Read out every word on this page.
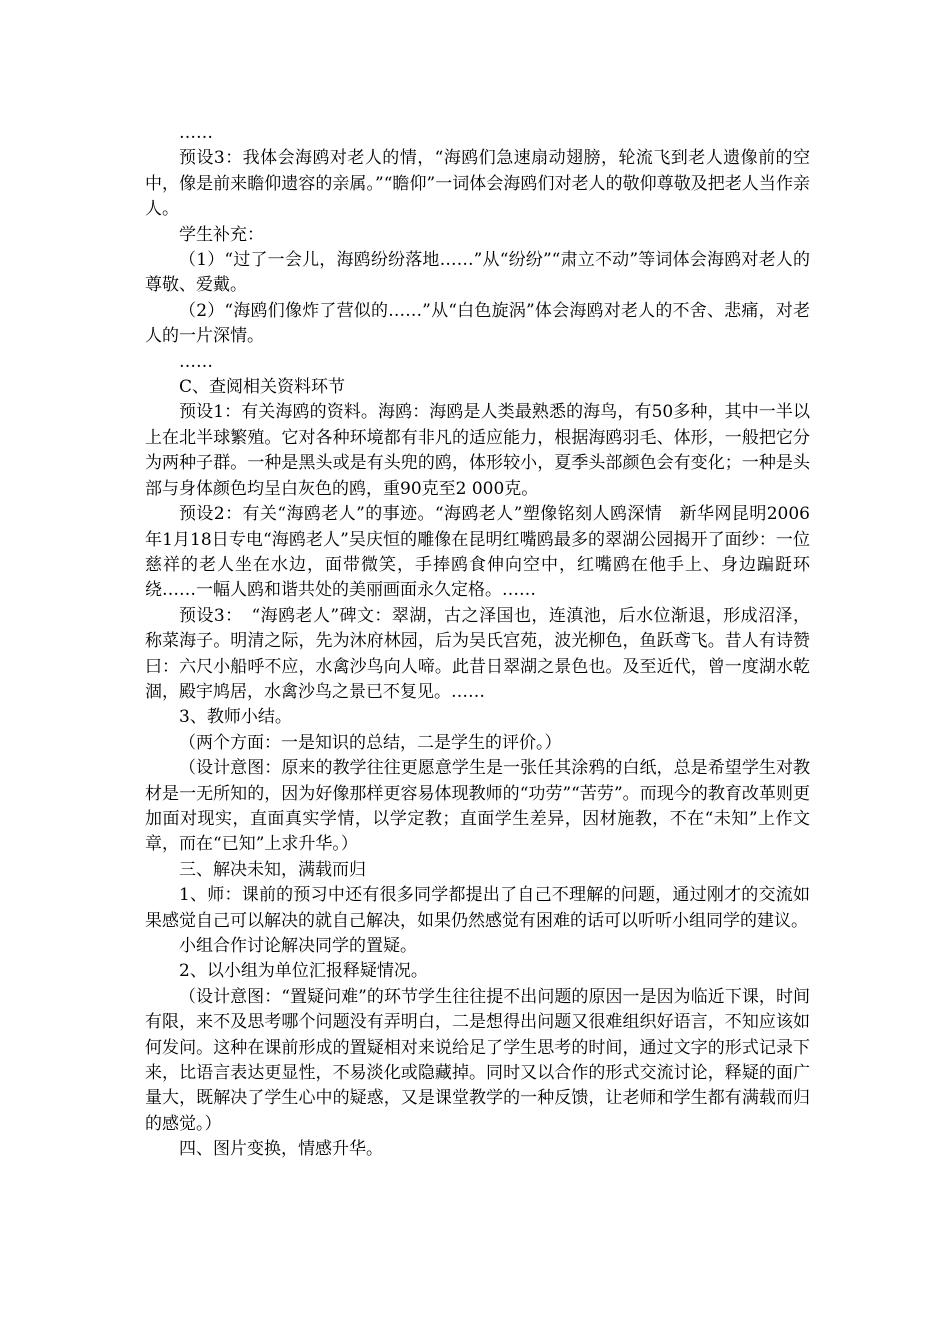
……

预设3：我体会海鸥对老人的情，“海鸥们急速扇动翅膀，轮流飞到老人遗像前的空中，像是前来瞻仰遗容的亲属。”“瞻仰”一词体会海鸥们对老人的敬仰尊敬及把老人当作亲人。

学生补充：

（1）“过了一会儿，海鸥纷纷落地……”从“纷纷”“肃立不动”等词体会海鸥对老人的尊敬、爱戴。

（2）“海鸥们像炸了营似的……”从“白色旋涡”体会海鸥对老人的不舍、悲痛，对老人的一片深情。

……

C、查阅相关资料环节

预设1：有关海鸥的资料。海鸥：海鸥是人类最熟悉的海鸟，有50多种，其中一半以上在北半球繁殖。它对各种环境都有非凡的适应能力，根据海鸥羽毛、体形，一般把它分为两种子群。一种是黑头或是有头兜的鸥，体形较小，夏季头部颜色会有变化；一种是头部与身体颜色均呈白灰色的鸥，重90克至2 000克。

预设2：有关“海鸥老人”的事迹。“海鸥老人”塑像铭刻人鸥深情　新华网昆明2006年1月18日专电“海鸥老人”吴庆恒的雕像在昆明红嘴鸥最多的翠湖公园揭开了面纱：一位慈祥的老人坐在水边，面带微笑，手捧鸥食伸向空中，红嘴鸥在他手上、身边蹁跹环绕……一幅人鸥和谐共处的美丽画面永久定格。……

预设3：　“海鸥老人”碑文：翠湖，古之泽国也，连滇池，后水位渐退，形成沼泽，称菜海子。明清之际，先为沐府林园，后为吴氏宫苑，波光柳色，鱼跃鸢飞。昔人有诗赞曰：六尺小船呼不应，水禽沙鸟向人啼。此昔日翠湖之景色也。及至近代，曾一度湖水乾涸，殿宇鸠居，水禽沙鸟之景已不复见。……

3、教师小结。

（两个方面：一是知识的总结，二是学生的评价。）

（设计意图：原来的教学往往更愿意学生是一张任其涂鸦的白纸，总是希望学生对教材是一无所知的，因为好像那样更容易体现教师的“功劳”“苦劳”。而现今的教育改革则更加面对现实，直面真实学情，以学定教；直面学生差异，因材施教，不在“未知”上作文章，而在“已知”上求升华。）

三、解决未知，满载而归

1、师：课前的预习中还有很多同学都提出了自己不理解的问题，通过刚才的交流如果感觉自己可以解决的就自己解决，如果仍然感觉有困难的话可以听听小组同学的建议。

小组合作讨论解决同学的置疑。

2、以小组为单位汇报释疑情况。

（设计意图：“置疑问难”的环节学生往往提不出问题的原因一是因为临近下课，时间有限，来不及思考哪个问题没有弄明白，二是想得出问题又很难组织好语言，不知应该如何发问。这种在课前形成的置疑相对来说给足了学生思考的时间，通过文字的形式记录下来，比语言表达更显性，不易淡化或隐藏掉。同时又以合作的形式交流讨论，释疑的面广量大，既解决了学生心中的疑惑，又是课堂教学的一种反馈，让老师和学生都有满载而归的感觉。）

四、图片变换，情感升华。
